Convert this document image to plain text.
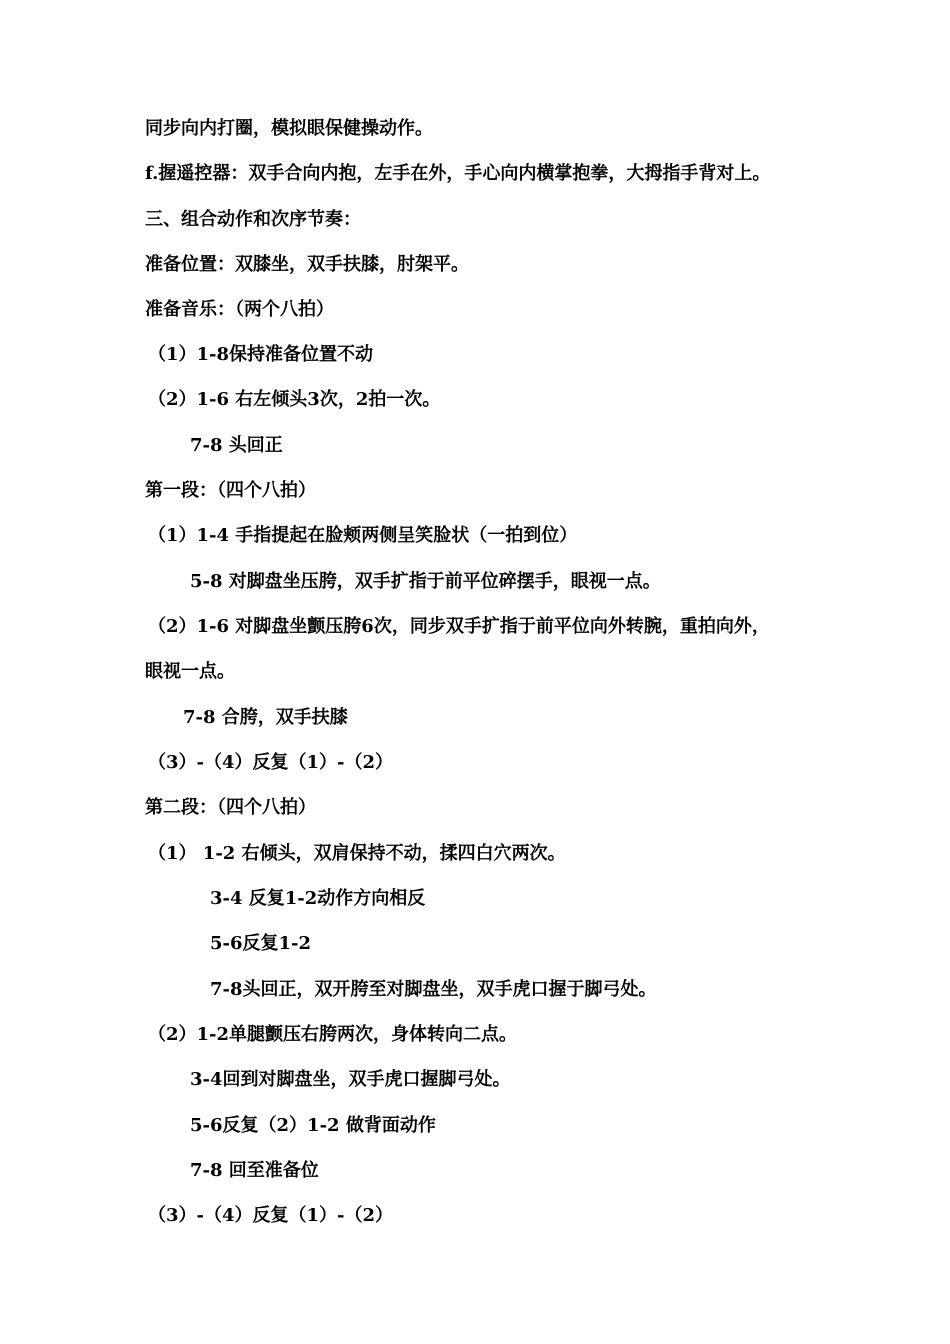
同步向内打圈，模拟眼保健操动作。
f.握遥控器：双手合向内抱，左手在外，手心向内横掌抱拳，大拇指手背对上。
三、组合动作和次序节奏：
准备位置：双膝坐，双手扶膝，肘架平。
准备音乐：（两个八拍）
（1）1-8保持准备位置不动
（2）1-6 右左倾头3次，2拍一次。
7-8 头回正
第一段：（四个八拍）
（1）1-4 手指提起在脸颊两侧呈笑脸状（一拍到位）
5-8 对脚盘坐压胯，双手扩指于前平位碎摆手，眼视一点。
（2）1-6 对脚盘坐颤压胯6次，同步双手扩指于前平位向外转腕，重拍向外，
眼视一点。
7-8 合胯，双手扶膝
（3）-（4）反复（1）-（2）
第二段：（四个八拍）
（1） 1-2 右倾头，双肩保持不动，揉四白穴两次。
3-4 反复1-2动作方向相反
5-6反复1-2
7-8头回正，双开胯至对脚盘坐，双手虎口握于脚弓处。
（2）1-2单腿颤压右胯两次，身体转向二点。
3-4回到对脚盘坐，双手虎口握脚弓处。
5-6反复（2）1-2 做背面动作
7-8 回至准备位
（3）-（4）反复（1）-（2）
